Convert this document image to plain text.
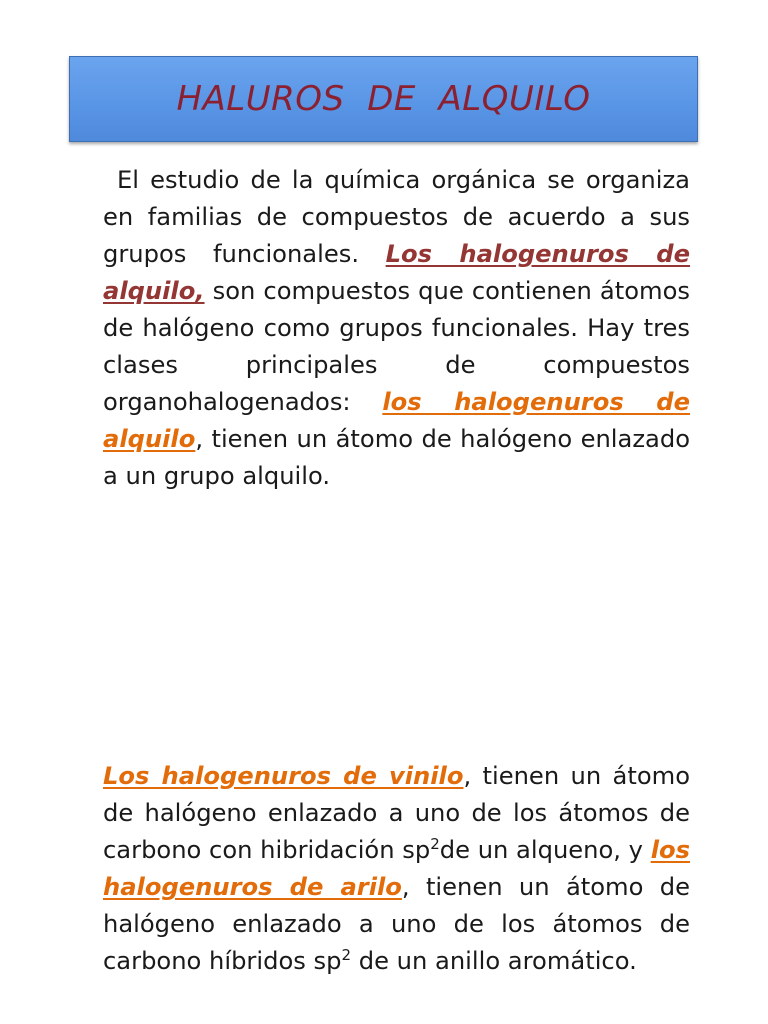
HALUROS  DE  ALQUILO

El estudio de la química orgánica se organiza en familias de compuestos de acuerdo a sus grupos funcionales. Los halogenuros de alquilo, son compuestos que contienen átomos de halógeno como grupos funcionales. Hay tres clases principales de compuestos organohalogenados: los halogenuros de alquilo, tienen un átomo de halógeno enlazado a un grupo alquilo.

Los halogenuros de vinilo, tienen un átomo de halógeno enlazado a uno de los átomos de carbono con hibridación $sp^2de$ un alqueno, y los halogenuros de arilo, tienen un átomo de halógeno enlazado a uno de los átomos de carbono híbridos $sp^2$ de un anillo aromático.
